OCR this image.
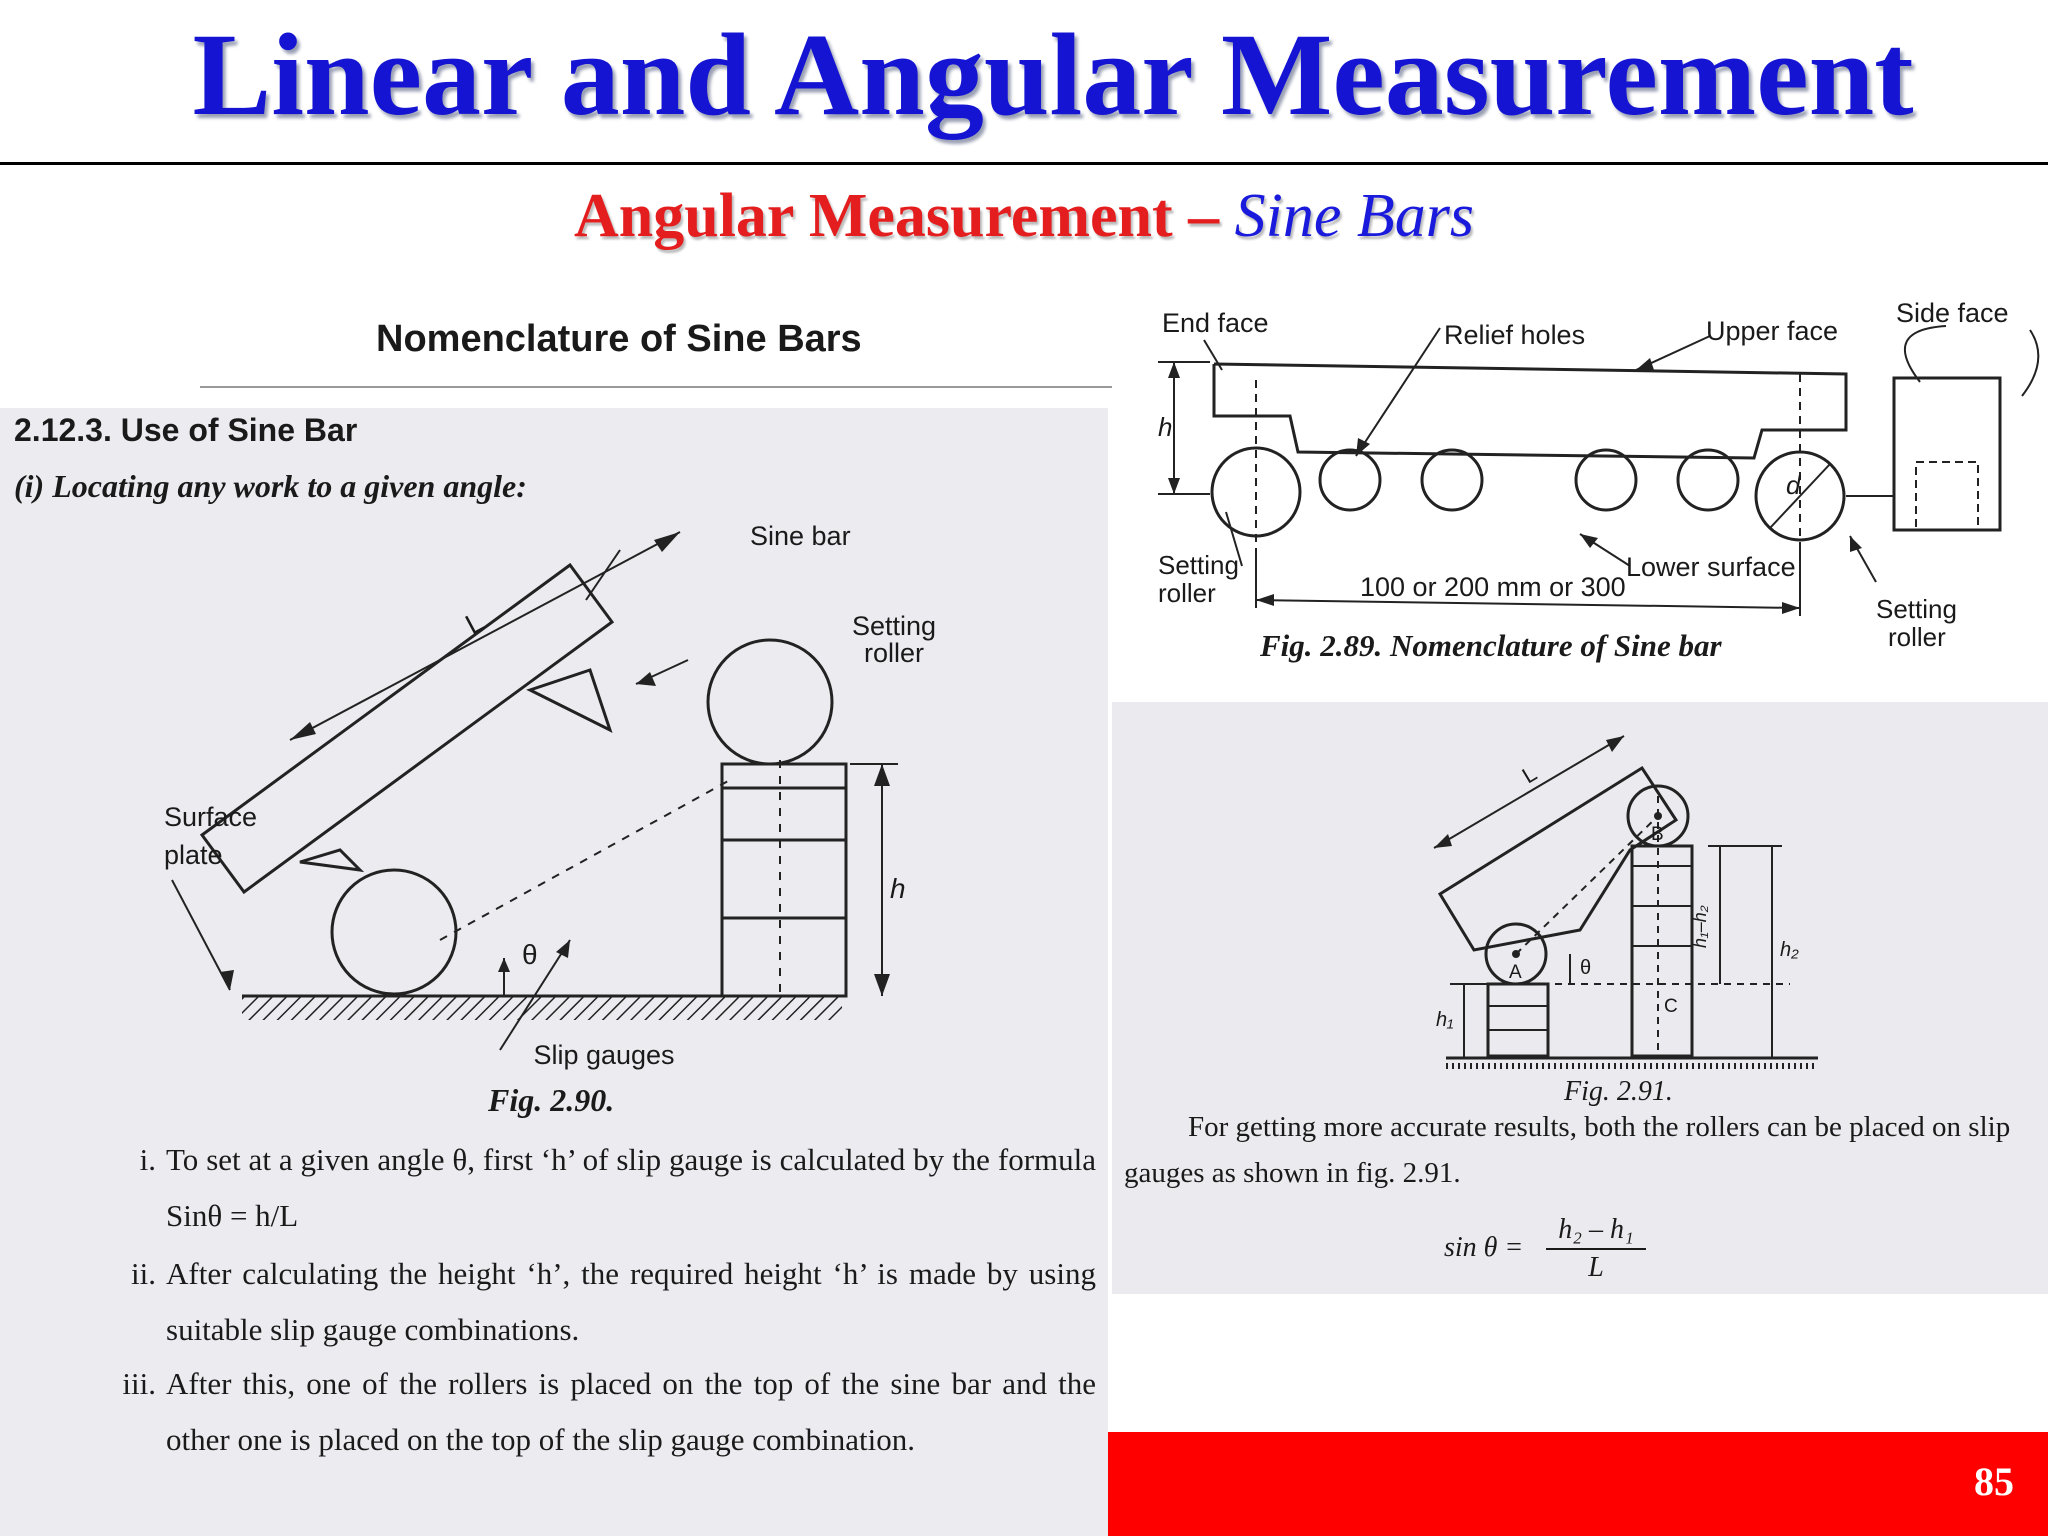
Linear and Angular Measurement
Angular Measurement – Sine Bars
Nomenclature of Sine Bars
2.12.3. Use of Sine Bar
(i) Locating any work to a given angle:
L
Sine bar
Setting
roller
Surface
plate
h
θ
Slip gauges
Fig. 2.90.
i. To set at a given angle θ, first ‘h’ of slip gauge is calculated by the formula Sinθ = h/L
ii. After calculating the height ‘h’, the required height ‘h’ is made by using suitable slip gauge combinations.
iii. After this, one of the rollers is placed on the top of the sine bar and the other one is placed on the top of the slip gauge combination.
End face	Relief holes	Upper face
Side face
h
d
Setting
roller	100 or 200 mm or 300
Lower surface
Setting
roller
Fig. 2.89. Nomenclature of Sine bar
L
A
B
C
θ
h₁
h₂
h₁–h₂
Fig. 2.91.
For getting more accurate results, both the rollers can be placed on slip gauges as shown in fig. 2.91.
$\sin \theta = \frac{\text{h₂ – h₁}}{L}$
85
